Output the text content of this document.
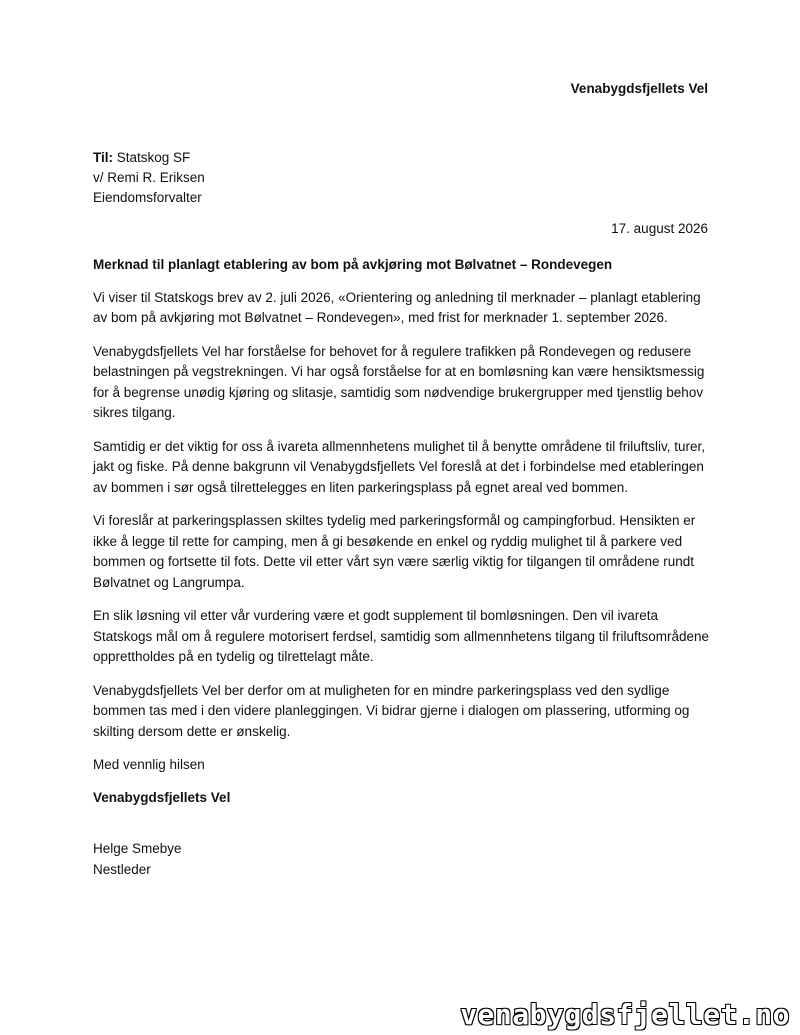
Venabygdsfjellets Vel
Til: Statskog SF
v/ Remi R. Eriksen
Eiendomsforvalter
17. august 2026
Merknad til planlagt etablering av bom på avkjøring mot Bølvatnet – Rondevegen

Vi viser til Statskogs brev av 2. juli 2026, «Orientering og anledning til merknader – planlagt etablering av bom på avkjøring mot Bølvatnet – Rondevegen», med frist for merknader 1. september 2026.

Venabygdsfjellets Vel har forståelse for behovet for å regulere trafikken på Rondevegen og redusere belastningen på vegstrekningen. Vi har også forståelse for at en bomløsning kan være hensiktsmessig for å begrense unødig kjøring og slitasje, samtidig som nødvendige brukergrupper med tjenstlig behov sikres tilgang.

Samtidig er det viktig for oss å ivareta allmennhetens mulighet til å benytte områdene til friluftsliv, turer, jakt og fiske. På denne bakgrunn vil Venabygdsfjellets Vel foreslå at det i forbindelse med etableringen av bommen i sør også tilrettelegges en liten parkeringsplass på egnet areal ved bommen.

Vi foreslår at parkeringsplassen skiltes tydelig med parkeringsformål og campingforbud. Hensikten er ikke å legge til rette for camping, men å gi besøkende en enkel og ryddig mulighet til å parkere ved bommen og fortsette til fots. Dette vil etter vårt syn være særlig viktig for tilgangen til områdene rundt Bølvatnet og Langrumpa.

En slik løsning vil etter vår vurdering være et godt supplement til bomløsningen. Den vil ivareta Statskogs mål om å regulere motorisert ferdsel, samtidig som allmennhetens tilgang til friluftsområdene opprettholdes på en tydelig og tilrettelagt måte.

Venabygdsfjellets Vel ber derfor om at muligheten for en mindre parkeringsplass ved den sydlige bommen tas med i den videre planleggingen. Vi bidrar gjerne i dialogen om plassering, utforming og skilting dersom dette er ønskelig.

Med vennlig hilsen
Venabygdsfjellets Vel
Helge Smebye
Nestleder
venabygdsfjellet.no
